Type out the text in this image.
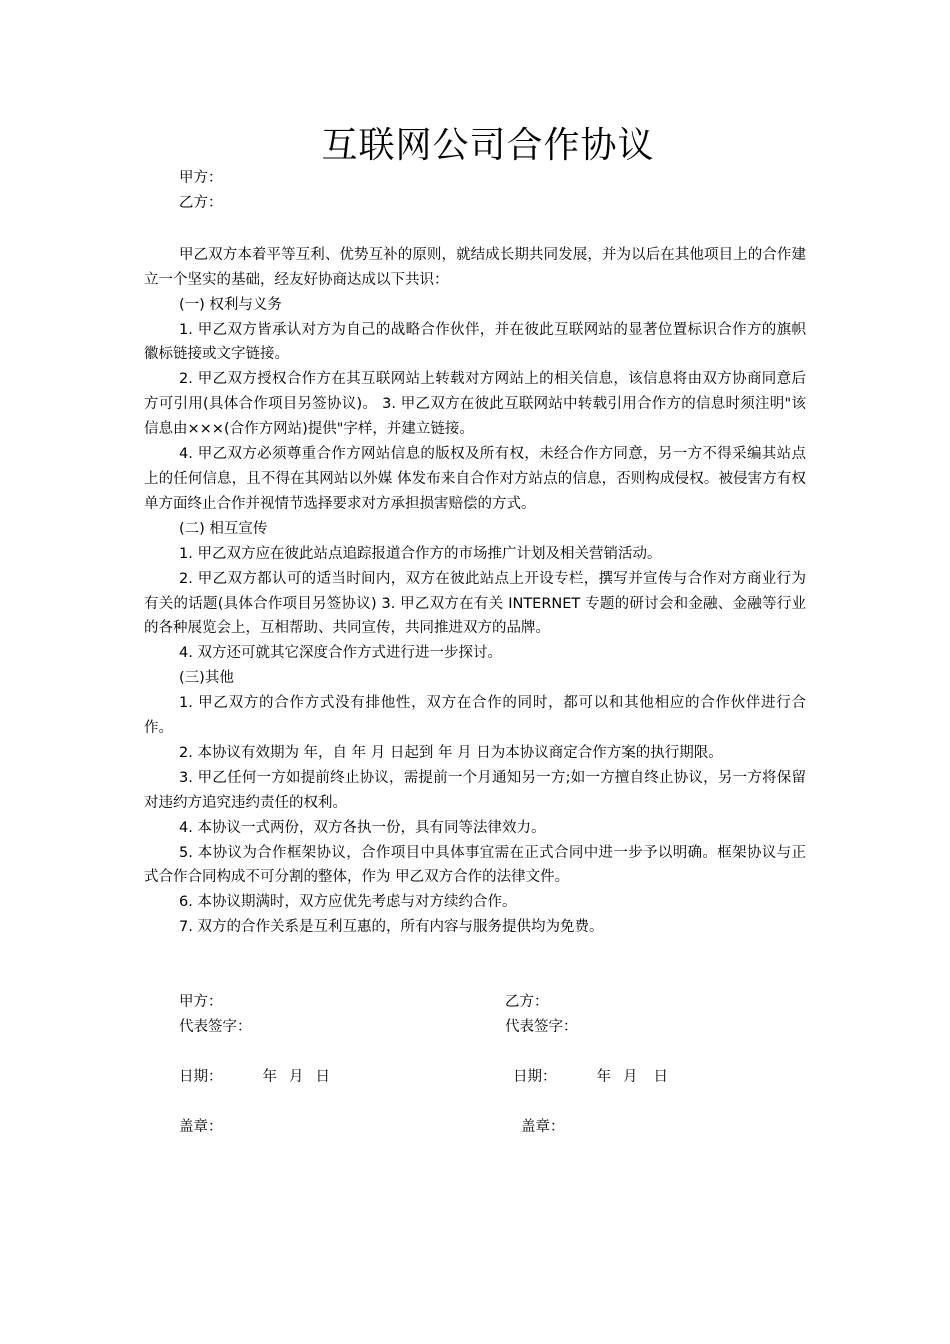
互联网公司合作协议
甲方：
乙方：
甲乙双方本着平等互利、优势互补的原则，就结成长期共同发展，并为以后在其他项目上的合作建立一个坚实的基础，经友好协商达成以下共识：
(一) 权利与义务
1. 甲乙双方皆承认对方为自己的战略合作伙伴，并在彼此互联网站的显著位置标识合作方的旗帜徽标链接或文字链接。
2. 甲乙双方授权合作方在其互联网站上转载对方网站上的相关信息，该信息将由双方协商同意后方可引用(具体合作项目另签协议)。 3. 甲乙双方在彼此互联网站中转载引用合作方的信息时须注明"该信息由×××(合作方网站)提供"字样，并建立链接。
4. 甲乙双方必须尊重合作方网站信息的版权及所有权，未经合作方同意，另一方不得采编其站点上的任何信息，且不得在其网站以外媒 体发布来自合作对方站点的信息，否则构成侵权。被侵害方有权单方面终止合作并视情节选择要求对方承担损害赔偿的方式。
(二) 相互宣传
1. 甲乙双方应在彼此站点追踪报道合作方的市场推广计划及相关营销活动。
2. 甲乙双方都认可的适当时间内，双方在彼此站点上开设专栏，撰写并宣传与合作对方商业行为有关的话题(具体合作项目另签协议) 3. 甲乙双方在有关 INTERNET 专题的研讨会和金融、金融等行业的各种展览会上，互相帮助、共同宣传，共同推进双方的品牌。
4. 双方还可就其它深度合作方式进行进一步探讨。
(三)其他
1. 甲乙双方的合作方式没有排他性，双方在合作的同时，都可以和其他相应的合作伙伴进行合作。
2. 本协议有效期为 年，自 年 月 日起到 年 月 日为本协议商定合作方案的执行期限。
3. 甲乙任何一方如提前终止协议，需提前一个月通知另一方;如一方擅自终止协议，另一方将保留对违约方追究违约责任的权利。
4. 本协议一式两份，双方各执一份，具有同等法律效力。
5. 本协议为合作框架协议，合作项目中具体事宜需在正式合同中进一步予以明确。框架协议与正式合作合同构成不可分割的整体，作为 甲乙双方合作的法律文件。
6. 本协议期满时，双方应优先考虑与对方续约合作。
7. 双方的合作关系是互利互惠的，所有内容与服务提供均为免费。
甲方：
代表签字：
日期：	年 月 日
盖章：
乙方：
代表签字：
日期：	年 月 日
盖章：
